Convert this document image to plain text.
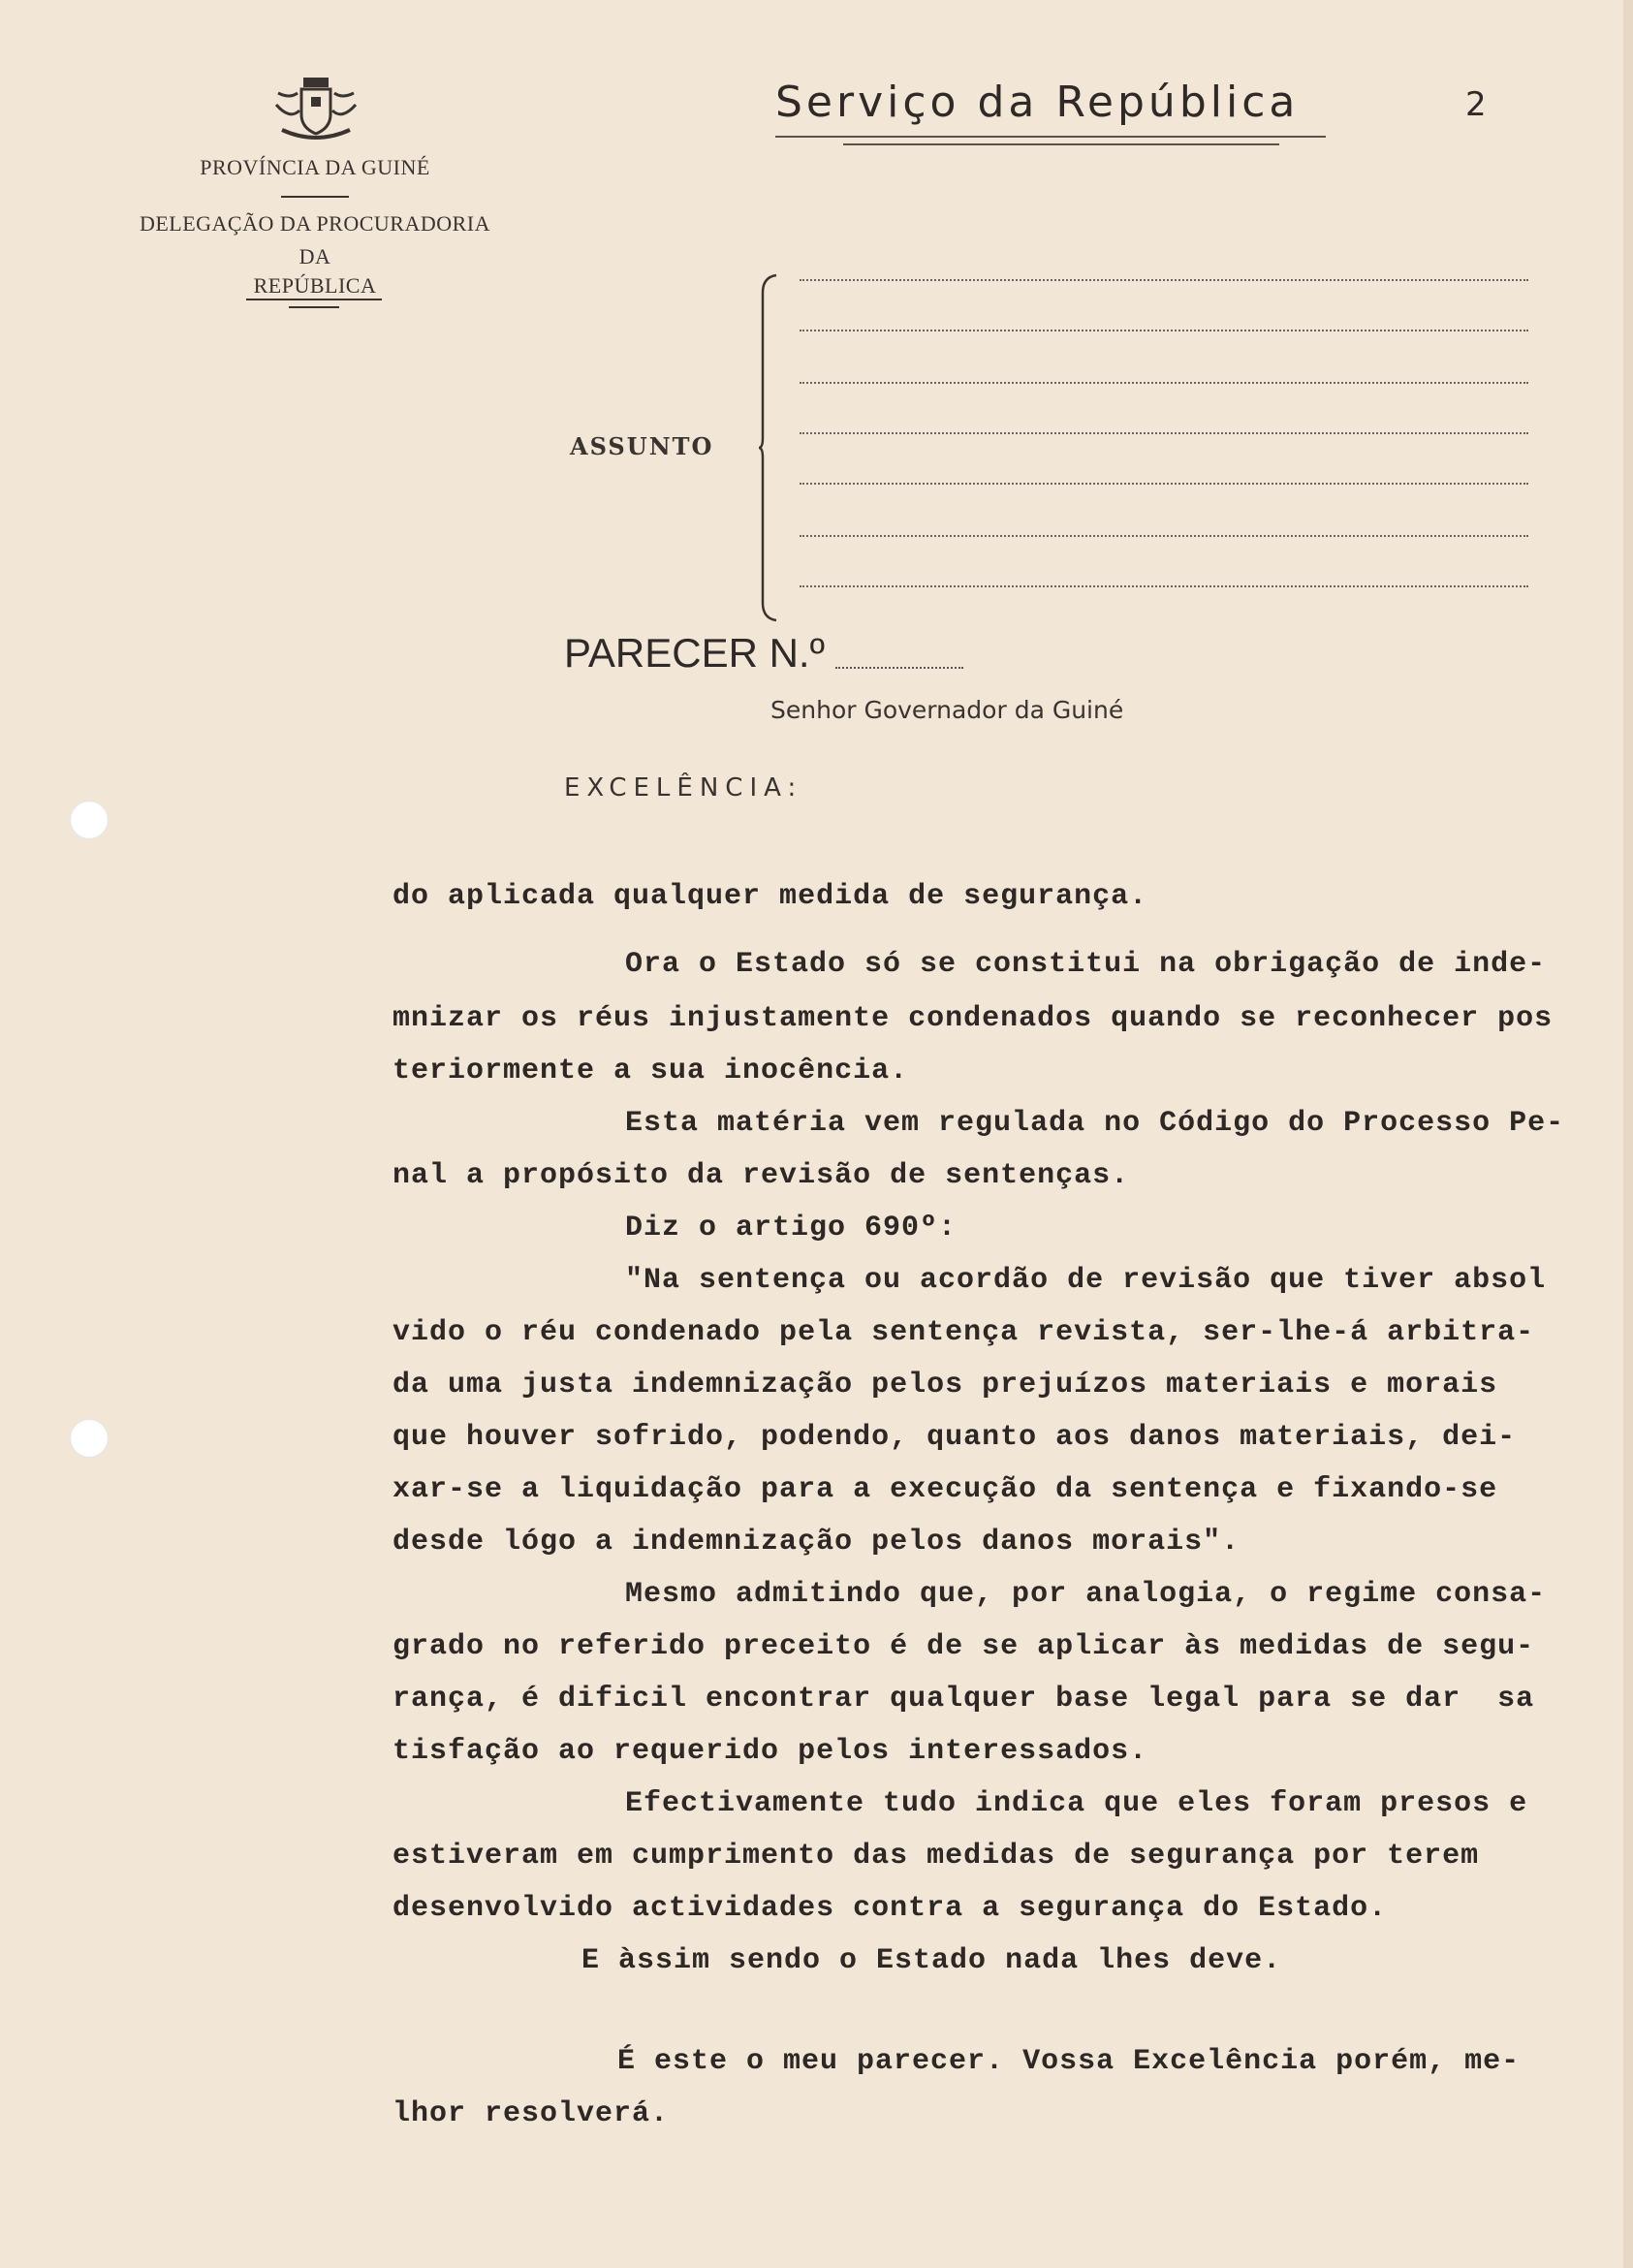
PROVÍNCIA DA GUINÉ
DELEGAÇÃO DA PROCURADORIA
DA
REPÚBLICA
Serviço da República	2
ASSUNTO
PARECER N.º
Senhor Governador da Guiné
EXCELÊNCIA:
do aplicada qualquer medida de segurança.
Ora o Estado só se constitui na obrigação de inde-
mnizar os réus injustamente condenados quando se reconhecer pos
teriormente a sua inocência.
Esta matéria vem regulada no Código do Processo Pe-
nal a propósito da revisão de sentenças.
Diz o artigo 690º:
"Na sentença ou acordão de revisão que tiver absol
vido o réu condenado pela sentença revista, ser-lhe-á arbitra-
da uma justa indemnização pelos prejuízos materiais e morais
que houver sofrido, podendo, quanto aos danos materiais, dei-
xar-se a liquidação para a execução da sentença e fixando-se
desde lógo a indemnização pelos danos morais".
Mesmo admitindo que, por analogia, o regime consa-
grado no referido preceito é de se aplicar às medidas de segu-
rança, é dificil encontrar qualquer base legal para se dar  sa
tisfação ao requerido pelos interessados.
Efectivamente tudo indica que eles foram presos e
estiveram em cumprimento das medidas de segurança por terem
desenvolvido actividades contra a segurança do Estado.
E àssim sendo o Estado nada lhes deve.
É este o meu parecer. Vossa Excelência porém, me-
lhor resolverá.
